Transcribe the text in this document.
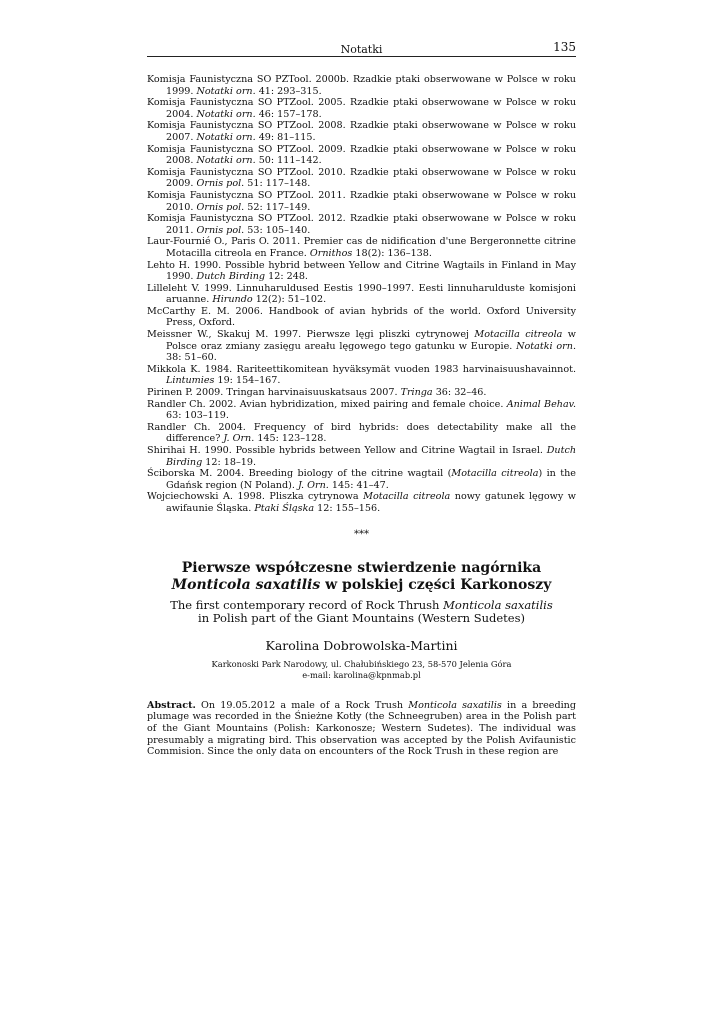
Notatki	135

Komisja Faunistyczna SO PZTool. 2000b. Rzadkie ptaki obserwowane w Polsce w roku 1999. Notatki orn. 41: 293–315.

Komisja Faunistyczna SO PTZool. 2005. Rzadkie ptaki obserwowane w Polsce w roku 2004. Notatki orn. 46: 157–178.

Komisja Faunistyczna SO PTZool. 2008. Rzadkie ptaki obserwowane w Polsce w roku 2007. Notatki orn. 49: 81–115.

Komisja Faunistyczna SO PTZool. 2009. Rzadkie ptaki obserwowane w Polsce w roku 2008. Notatki orn. 50: 111–142.

Komisja Faunistyczna SO PTZool. 2010. Rzadkie ptaki obserwowane w Polsce w roku 2009. Ornis pol. 51: 117–148.

Komisja Faunistyczna SO PTZool. 2011. Rzadkie ptaki obserwowane w Polsce w roku 2010. Ornis pol. 52: 117–149.

Komisja Faunistyczna SO PTZool. 2012. Rzadkie ptaki obserwowane w Polsce w roku 2011. Ornis pol. 53: 105–140.

Laur-Fournié O., Paris O. 2011. Premier cas de nidification d'une Bergeronnette citrine Motacilla citreola en France. Ornithos 18(2): 136–138.

Lehto H. 1990. Possible hybrid between Yellow and Citrine Wagtails in Finland in May 1990. Dutch Birding 12: 248.

Lilleleht V. 1999. Linnuharuldused Eestis 1990–1997. Eesti linnuharulduste komisjoni aruanne. Hirundo 12(2): 51–102.

McCarthy E. M. 2006. Handbook of avian hybrids of the world. Oxford University Press, Oxford.

Meissner W., Skakuj M. 1997. Pierwsze lęgi pliszki cytrynowej Motacilla citreola w Polsce oraz zmiany zasięgu areału lęgowego tego gatunku w Europie. Notatki orn. 38: 51–60.

Mikkola K. 1984. Rariteettikomitean hyväksymät vuoden 1983 harvinaisuushavainnot. Lintumies 19: 154–167.

Pirinen P. 2009. Tringan harvinaisuuskatsaus 2007. Tringa 36: 32–46.

Randler Ch. 2002. Avian hybridization, mixed pairing and female choice. Animal Behav. 63: 103–119.

Randler Ch. 2004. Frequency of bird hybrids: does detectability make all the difference? J. Orn. 145: 123–128.

Shirihai H. 1990. Possible hybrids between Yellow and Citrine Wagtail in Israel. Dutch Birding 12: 18–19.

Ściborska M. 2004. Breeding biology of the citrine wagtail (Motacilla citreola) in the Gdańsk region (N Poland). J. Orn. 145: 41–47.

Wojciechowski A. 1998. Pliszka cytrynowa Motacilla citreola nowy gatunek lęgowy w awifaunie Śląska. Ptaki Śląska 12: 155–156.

***
Pierwsze współczesne stwierdzenie nagórnika
Monticola saxatilis w polskiej części Karkonoszy
The first contemporary record of Rock Thrush Monticola saxatilis
in Polish part of the Giant Mountains (Western Sudetes)
Karolina Dobrowolska-Martini
Karkonoski Park Narodowy, ul. Chałubińskiego 23, 58-570 Jelenia Góra
e-mail: karolina@kpnmab.pl

Abstract. On 19.05.2012 a male of a Rock Trush Monticola saxatilis in a breeding plumage was recorded in the Śnieżne Kotły (the Schneegruben) area in the Polish part of the Giant Mountains (Polish: Karkonosze; Western Sudetes). The individual was presumably a migrating bird. This observation was accepted by the Polish Avifaunistic Commision. Since the only data on encounters of the Rock Trush in these region are
